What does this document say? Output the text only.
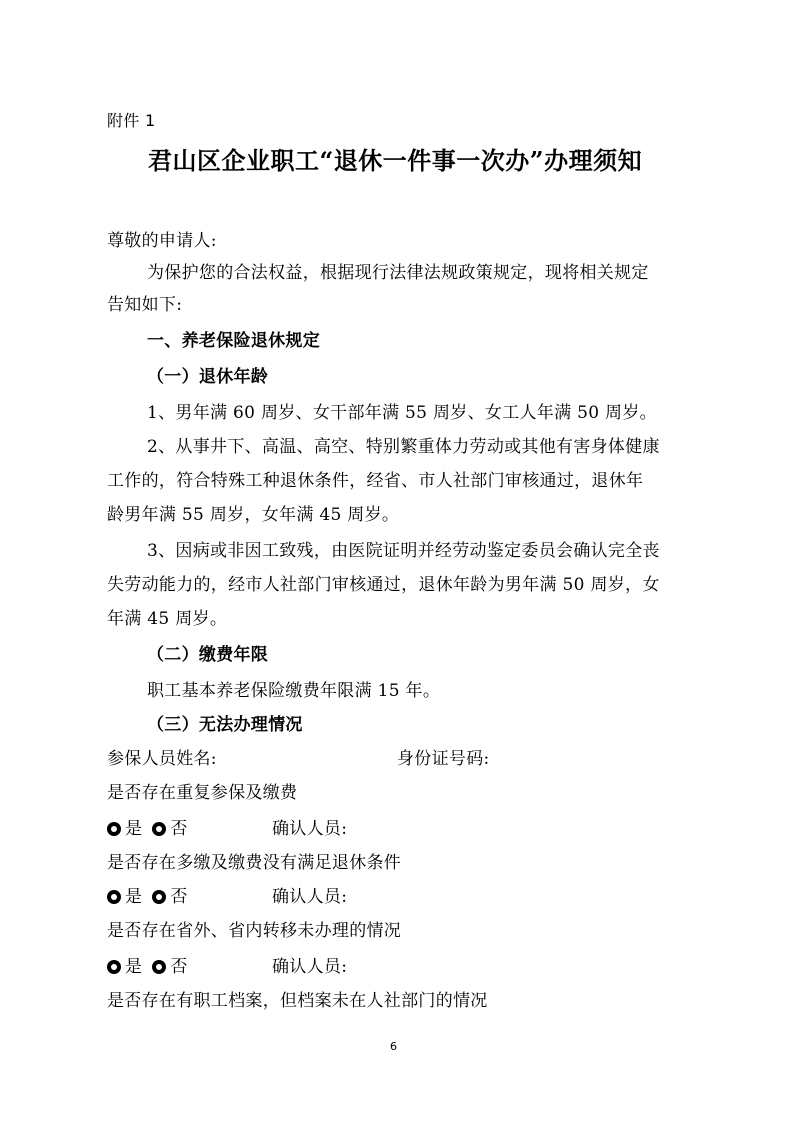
附件 1
君山区企业职工“退休一件事一次办”办理须知
尊敬的申请人:
为保护您的合法权益，根据现行法律法规政策规定，现将相关规定
告知如下:
一、养老保险退休规定
（一）退休年龄
1、男年满 60 周岁、女干部年满 55 周岁、女工人年满 50 周岁。
2、从事井下、高温、高空、特别繁重体力劳动或其他有害身体健康
工作的，符合特殊工种退休条件，经省、市人社部门审核通过，退休年
龄男年满 55 周岁，女年满 45 周岁。
3、因病或非因工致残，由医院证明并经劳动鉴定委员会确认完全丧
失劳动能力的，经市人社部门审核通过，退休年龄为男年满 50 周岁，女
年满 45 周岁。
（二）缴费年限
职工基本养老保险缴费年限满 15 年。
（三）无法办理情况
参保人员姓名:	身份证号码:
是否存在重复参保及缴费
是 否	确认人员:
是否存在多缴及缴费没有满足退休条件
是 否	确认人员:
是否存在省外、省内转移未办理的情况
是 否	确认人员:
是否存在有职工档案，但档案未在人社部门的情况
6
